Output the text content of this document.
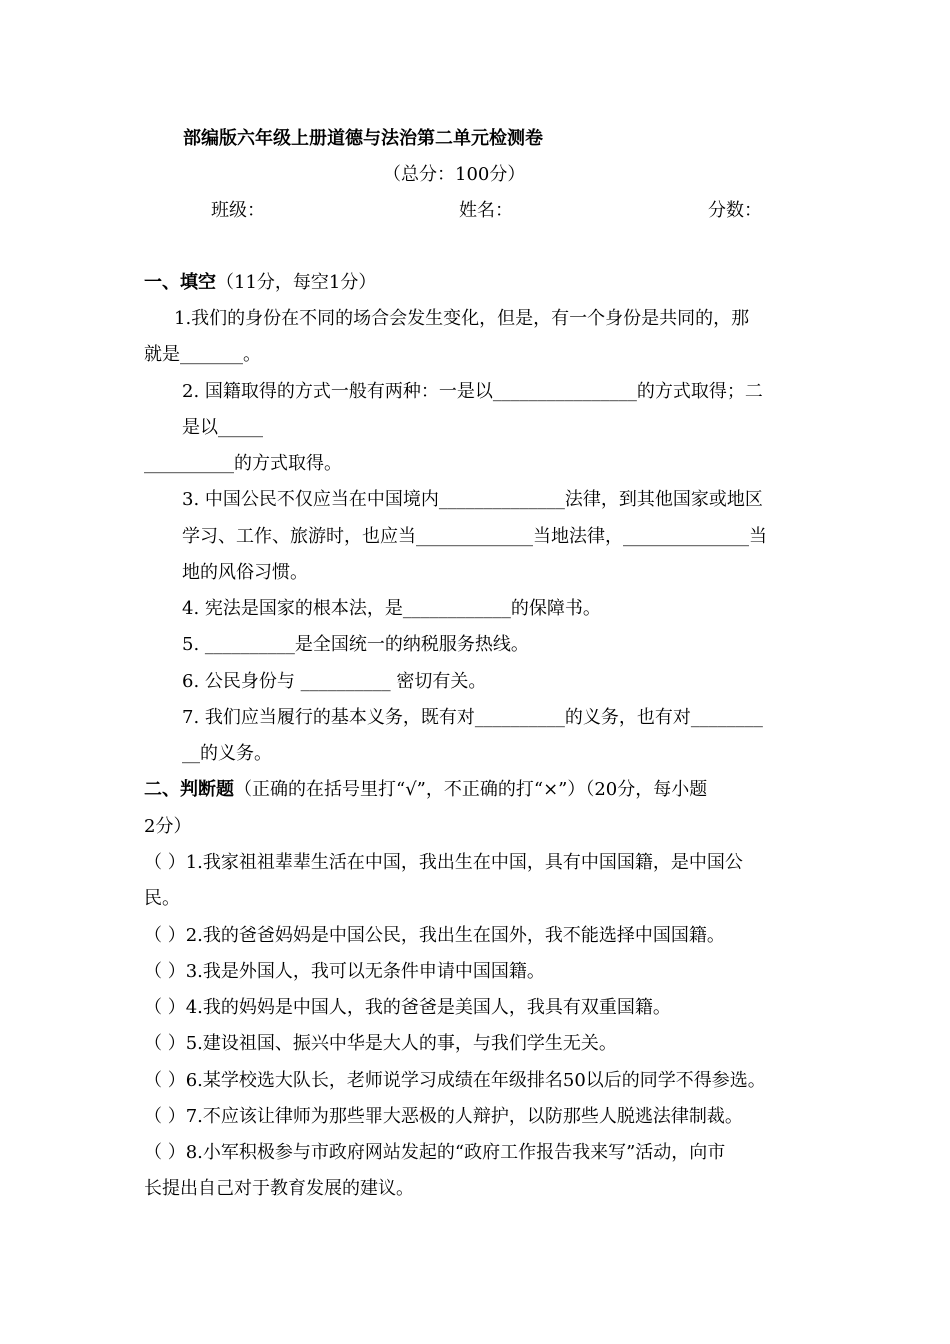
部编版六年级上册道德与法治第二单元检测卷
（总分：100分）
班级：	姓名：	分数：
一、填空（11分，每空1分）
1.我们的身份在不同的场合会发生变化，但是，有一个身份是共同的，那
就是_______。
2. 国籍取得的方式一般有两种：一是以________________的方式取得；二
是以_____
__________的方式取得。
3. 中国公民不仅应当在中国境内______________法律，到其他国家或地区
学习、工作、旅游时，也应当_____________当地法律，______________当
地的风俗习惯。
4. 宪法是国家的根本法，是____________的保障书。
5. __________是全国统一的纳税服务热线。
6. 公民身份与 __________ 密切有关。
7. 我们应当履行的基本义务，既有对__________的义务，也有对________
__的义务。
二、判断题（正确的在括号里打“√”，不正确的打“×”）（20分，每小题
2分）
（ ）1.我家祖祖辈辈生活在中国，我出生在中国，具有中国国籍，是中国公
民。
（ ）2.我的爸爸妈妈是中国公民，我出生在国外，我不能选择中国国籍。
（ ）3.我是外国人，我可以无条件申请中国国籍。
（ ）4.我的妈妈是中国人，我的爸爸是美国人，我具有双重国籍。
（ ）5.建设祖国、振兴中华是大人的事，与我们学生无关。
（ ）6.某学校选大队长，老师说学习成绩在年级排名50以后的同学不得参选。
（ ）7.不应该让律师为那些罪大恶极的人辩护，以防那些人脱逃法律制裁。
（ ）8.小军积极参与市政府网站发起的“政府工作报告我来写”活动，向市
长提出自己对于教育发展的建议。
